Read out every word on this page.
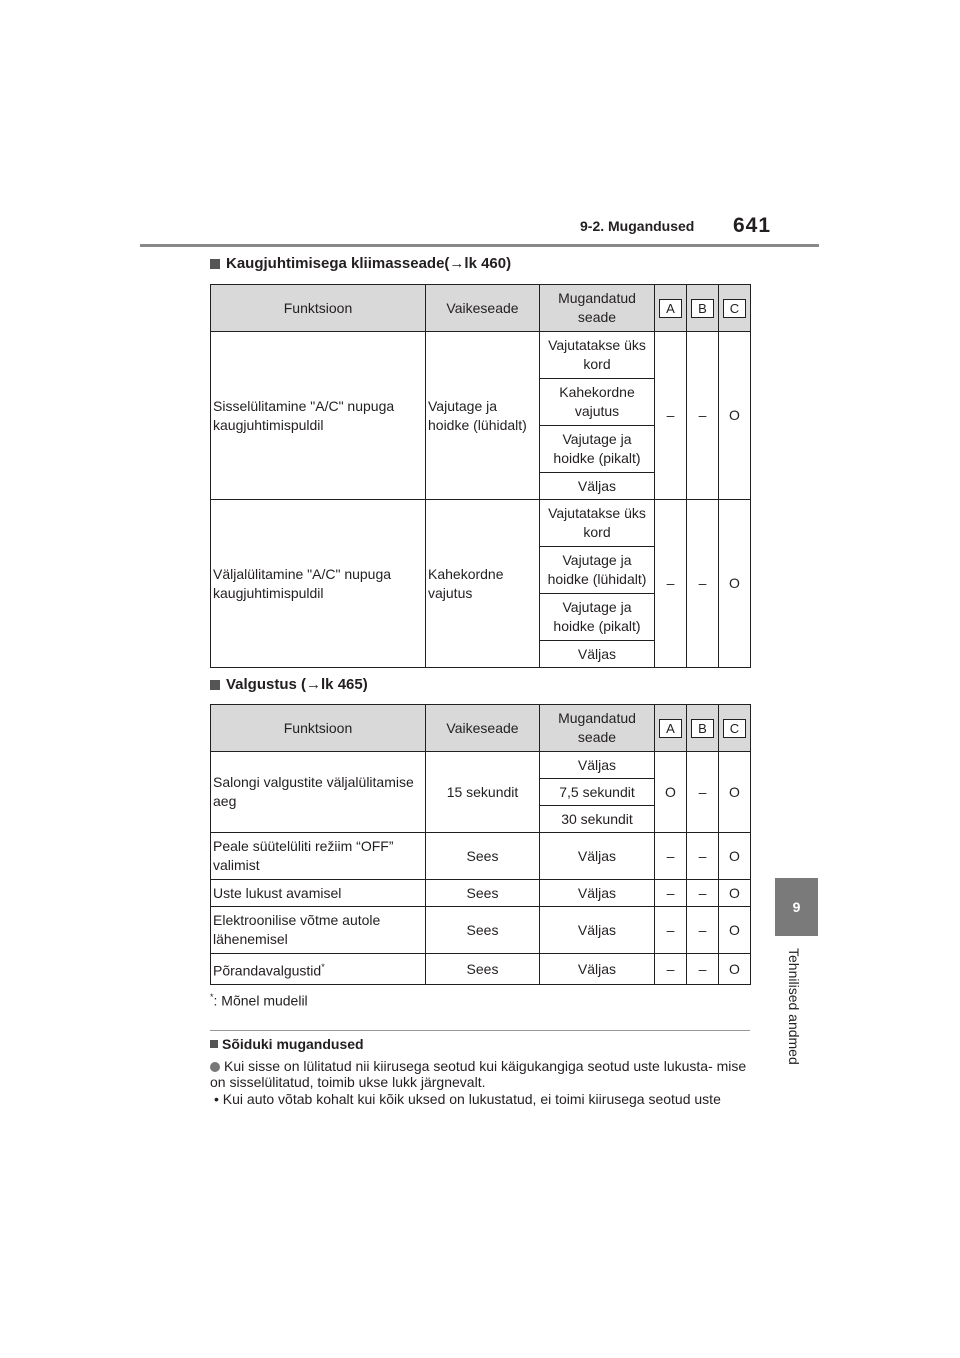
9-2. Mugandused 641
9
Tehnilised andmed
Kaugjuhtimisega kliimasseade(→lk 460)
Funktsioon	Vaikeseade	Mugandatud seade	A	B	C
Sisselülitamine "A/C" nupuga kaugjuhtimispuldil	Vajutage ja hoidke (lühidalt)	Vajutatakse üks kord	–	–	O
		Kahekordne vajutus			
		Vajutage ja hoidke (pikalt)			
		Väljas			
Väljalülitamine "A/C" nupuga kaugjuhtimispuldil	Kahekordne vajutus	Vajutatakse üks kord	–	–	O
		Vajutage ja hoidke (lühidalt)			
		Vajutage ja hoidke (pikalt)			
		Väljas			
Valgustus (→lk 465)
Funktsioon	Vaikeseade	Mugandatud seade	A	B	C
Salongi valgustite väljalülitamise aeg	15 sekundit	Väljas	O	–	O
		7,5 sekundit			
		30 sekundit			
Peale süütelüliti režiim “OFF” valimist	Sees	Väljas	–	–	O
Uste lukust avamisel	Sees	Väljas	–	–	O
Elektroonilise võtme autole lähenemisel	Sees	Väljas	–	–	O
Põrandavalgustid*	Sees	Väljas	–	–	O
*: Mõnel mudelil
Sõiduki mugandused
Kui sisse on lülitatud nii kiirusega seotud kui käigukangiga seotud uste lukusta- mise on sisselülitatud, toimib ukse lukk järgnevalt.
• Kui auto võtab kohalt kui kõik uksed on lukustatud, ei toimi kiirusega seotud uste
